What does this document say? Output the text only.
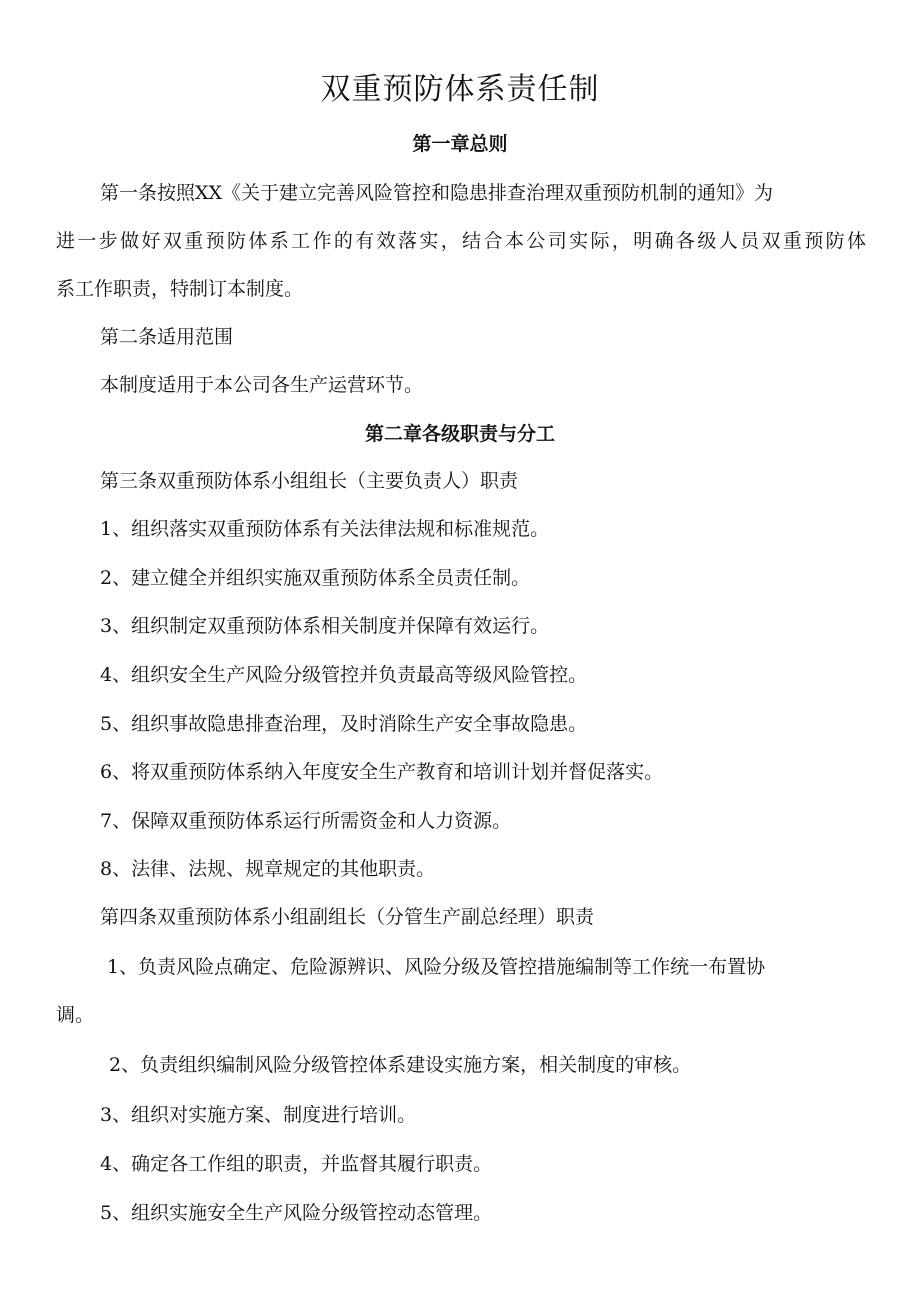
双重预防体系责任制
第一章总则
第一条按照XX《关于建立完善风险管控和隐患排查治理双重预防机制的通知》为
进一步做好双重预防体系工作的有效落实，结合本公司实际，明确各级人员双重预防体
系工作职责，特制订本制度。
第二条适用范围
本制度适用于本公司各生产运营环节。
第二章各级职责与分工
第三条双重预防体系小组组长（主要负责人）职责
1、组织落实双重预防体系有关法律法规和标准规范。
2、建立健全并组织实施双重预防体系全员责任制。
3、组织制定双重预防体系相关制度并保障有效运行。
4、组织安全生产风险分级管控并负责最高等级风险管控。
5、组织事故隐患排查治理，及时消除生产安全事故隐患。
6、将双重预防体系纳入年度安全生产教育和培训计划并督促落实。
7、保障双重预防体系运行所需资金和人力资源。
8、法律、法规、规章规定的其他职责。
第四条双重预防体系小组副组长（分管生产副总经理）职责
1、负责风险点确定、危险源辨识、风险分级及管控措施编制等工作统一布置协
调。
2、负责组织编制风险分级管控体系建设实施方案，相关制度的审核。
3、组织对实施方案、制度进行培训。
4、确定各工作组的职责，并监督其履行职责。
5、组织实施安全生产风险分级管控动态管理。
